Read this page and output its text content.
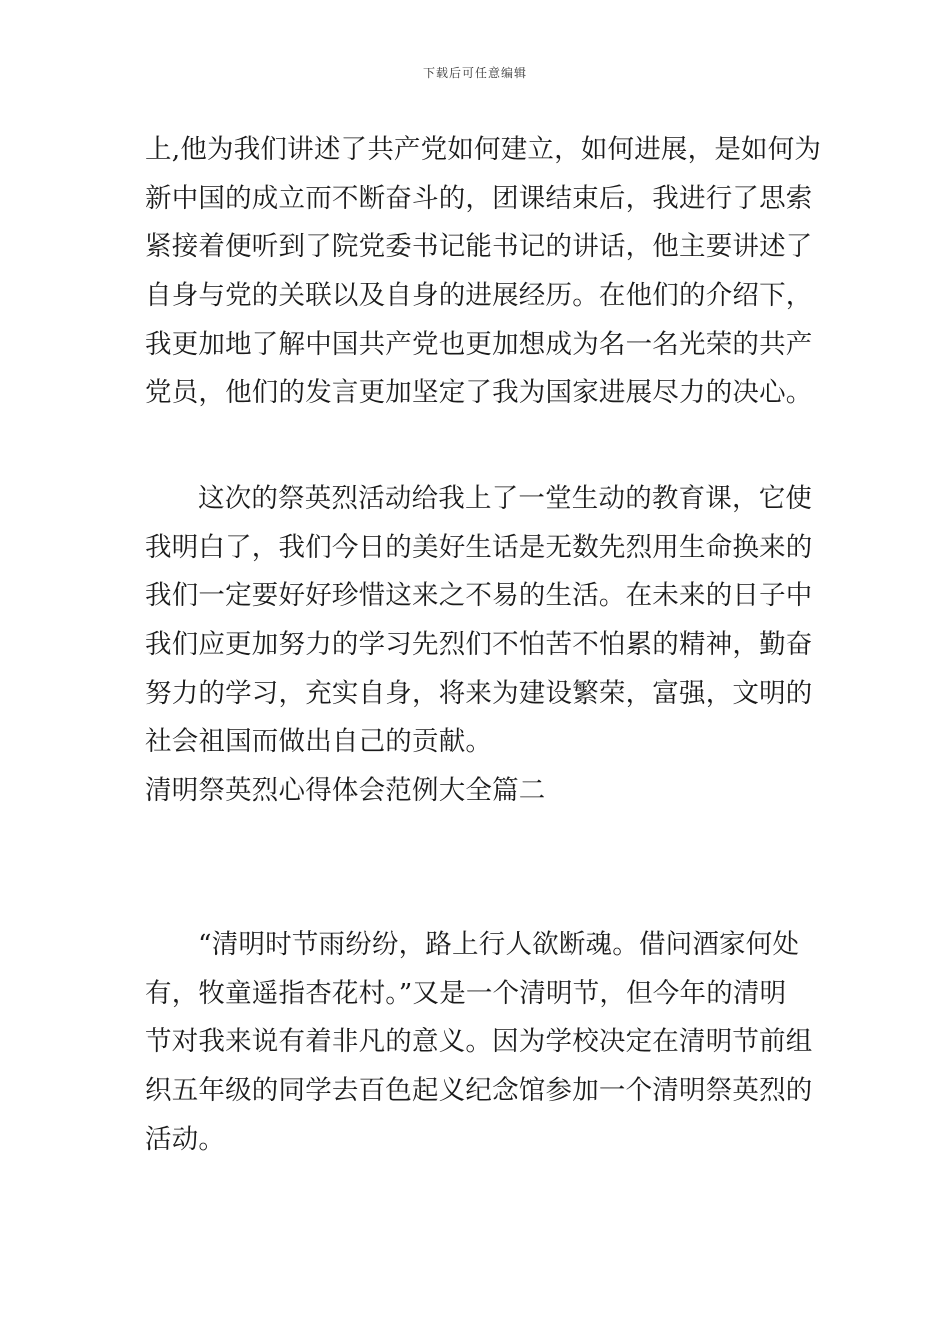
下载后可任意编辑
上,他为我们讲述了共产党如何建立，如何进展，是如何为
新中国的成立而不断奋斗的，团课结束后，我进行了思索
紧接着便听到了院党委书记能书记的讲话，他主要讲述了
自身与党的关联以及自身的进展经历。在他们的介绍下，
我更加地了解中国共产党也更加想成为名一名光荣的共产
党员，他们的发言更加坚定了我为国家进展尽力的决心。
这次的祭英烈活动给我上了一堂生动的教育课，它使
我明白了，我们今日的美好生话是无数先烈用生命换来的
我们一定要好好珍惜这来之不易的生活。在未来的日子中
我们应更加努力的学习先烈们不怕苦不怕累的精神，勤奋
努力的学习，充实自身，将来为建设繁荣，富强，文明的
社会祖国而做出自己的贡献。
清明祭英烈心得体会范例大全篇二
“清明时节雨纷纷，路上行人欲断魂。借问酒家何处
有，牧童遥指杏花村。”又是一个清明节，但今年的清明
节对我来说有着非凡的意义。因为学校决定在清明节前组
织五年级的同学去百色起义纪念馆参加一个清明祭英烈的
活动。
